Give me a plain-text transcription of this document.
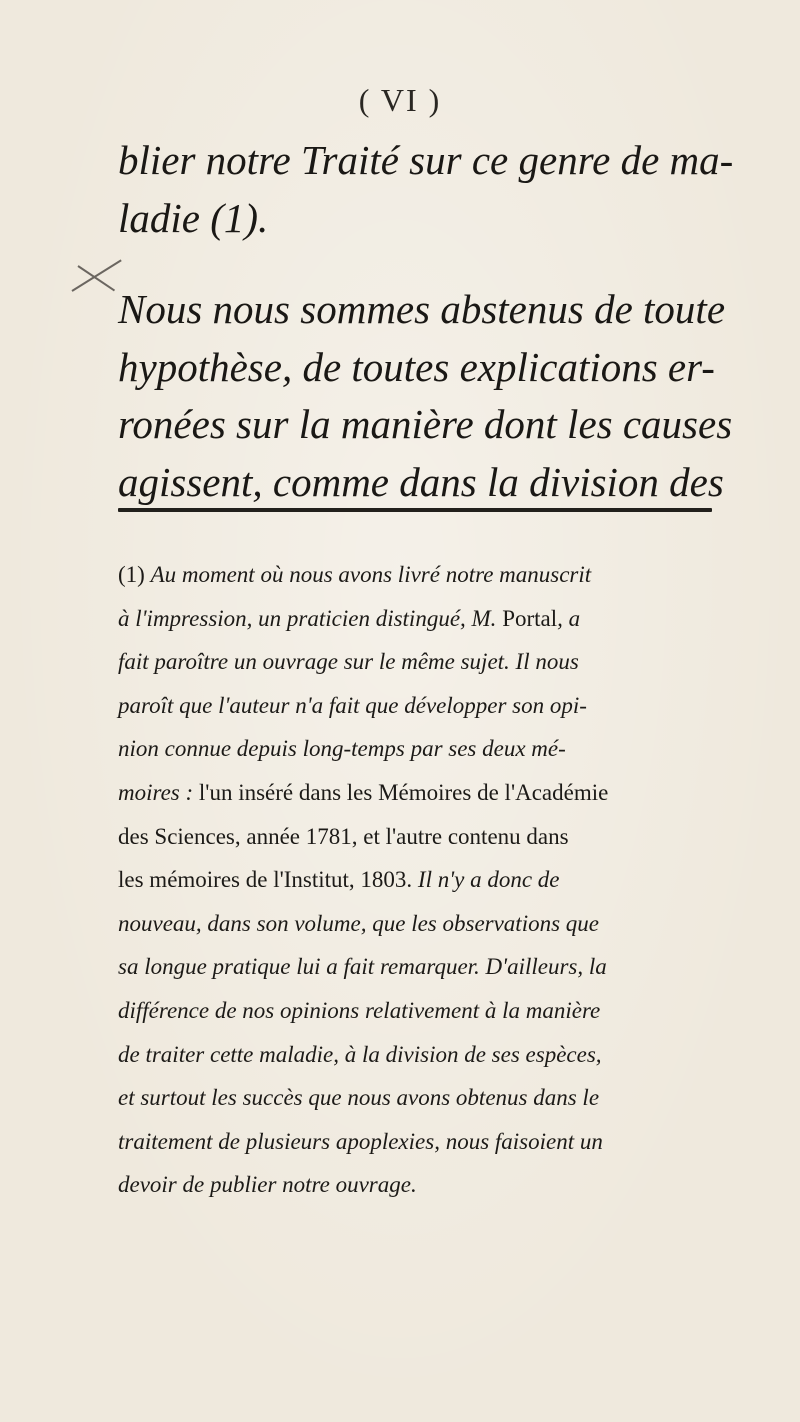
( VI )
blier notre Traité sur ce genre de ma-
ladie (1).
Nous nous sommes abstenus de toute
hypothèse, de toutes explications er-
ronées sur la manière dont les causes
agissent, comme dans la division des
(1) Au moment où nous avons livré notre manuscrit
à l'impression, un praticien distingué, M. Portal, a
fait paroître un ouvrage sur le même sujet. Il nous
paroît que l'auteur n'a fait que développer son opi-
nion connue depuis long-temps par ses deux mé-
moires : l'un inséré dans les Mémoires de l'Académie
des Sciences, année 1781, et l'autre contenu dans
les mémoires de l'Institut, 1803. Il n'y a donc de
nouveau, dans son volume, que les observations que
sa longue pratique lui a fait remarquer. D'ailleurs, la
différence de nos opinions relativement à la manière
de traiter cette maladie, à la division de ses espèces,
et surtout les succès que nous avons obtenus dans le
traitement de plusieurs apoplexies, nous faisoient un
devoir de publier notre ouvrage.
